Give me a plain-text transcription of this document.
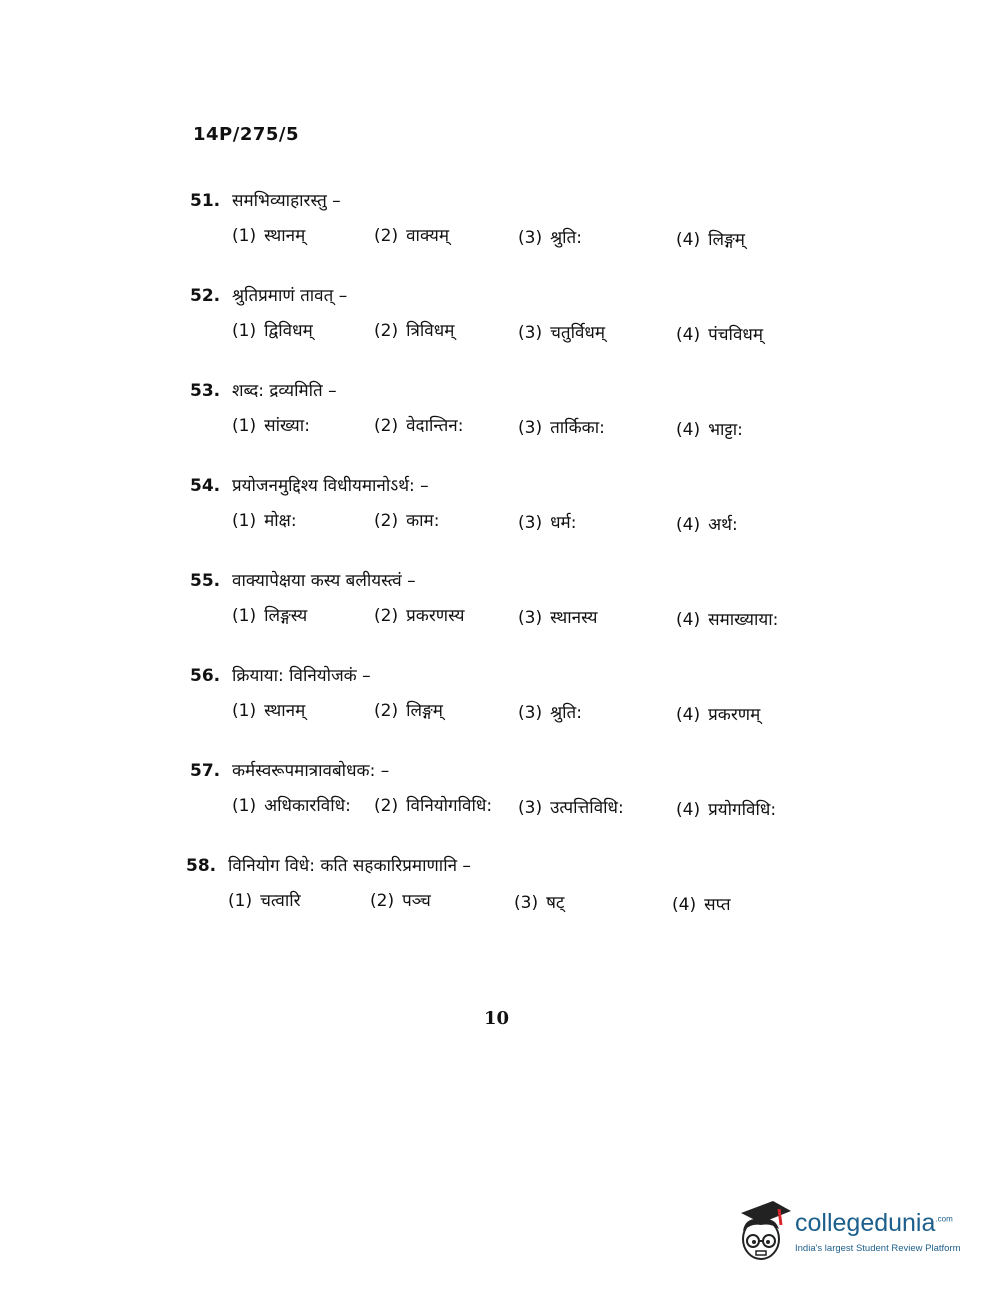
14P/275/5
51. समभिव्याहारस्तु –
(1) स्थानम्	(2) वाक्यम्	(3) श्रुति:	(4) लिङ्गम्
52. श्रुतिप्रमाणं तावत् –
(1) द्विविधम्	(2) त्रिविधम्	(3) चतुर्विधम्	(4) पंचविधम्
53. शब्द: द्रव्यमिति –
(1) सांख्या:	(2) वेदान्तिन:	(3) तार्किका:	(4) भाट्टा:
54. प्रयोजनमुद्दिश्य विधीयमानोऽर्थ: –
(1) मोक्ष:	(2) काम:	(3) धर्म:	(4) अर्थ:
55. वाक्यापेक्षया कस्य बलीयस्त्वं –
(1) लिङ्गस्य	(2) प्रकरणस्य	(3) स्थानस्य	(4) समाख्याया:
56. क्रियाया: विनियोजकं –
(1) स्थानम्	(2) लिङ्गम्	(3) श्रुति:	(4) प्रकरणम्
57. कर्मस्वरूपमात्रावबोधक: –
(1) अधिकारविधि: (2) विनियोगविधि: (3) उत्पत्तिविधि:	(4) प्रयोगविधि:
58. विनियोग विधे: कति सहकारिप्रमाणानि –
(1) चत्वारि	(2) पञ्च	(3) षट्	(4) सप्त
10
collegedunia$^{.com}$
India's largest Student Review Platform
